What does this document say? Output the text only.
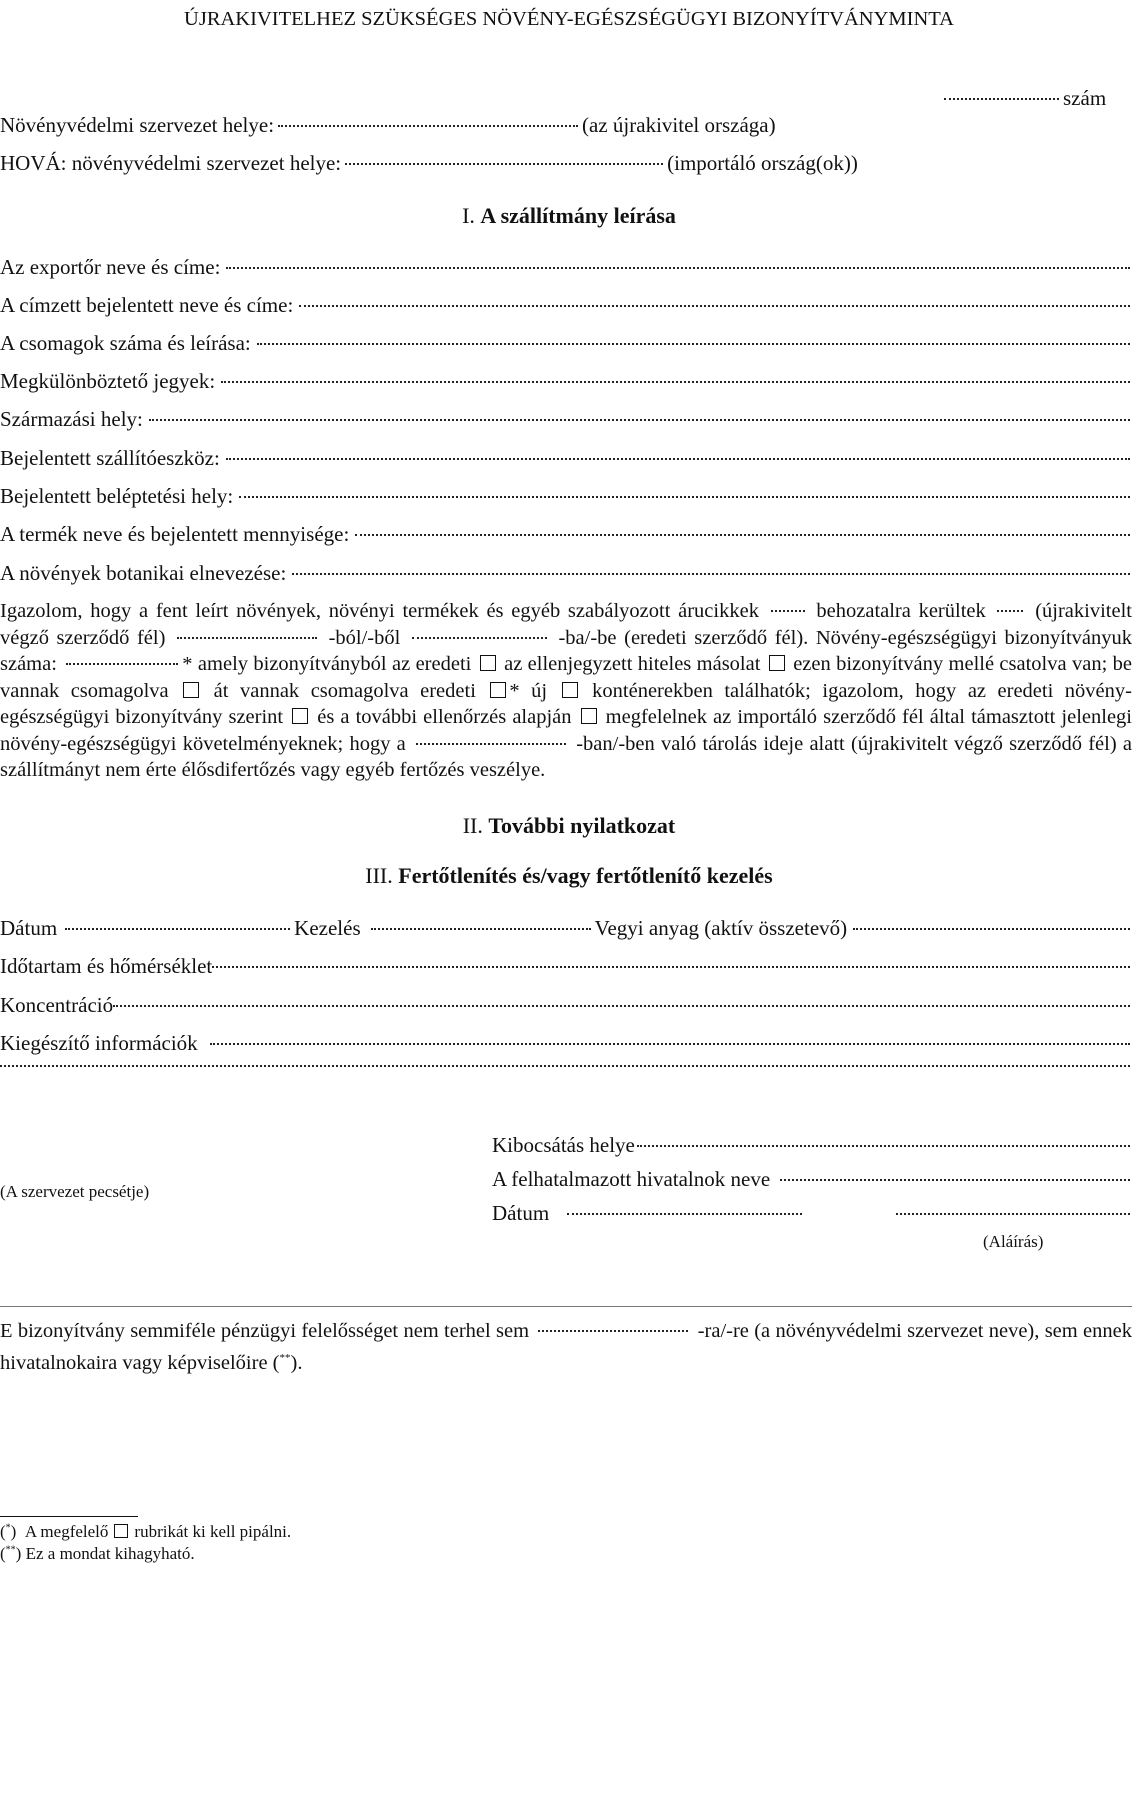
ÚJRAKIVITELHEZ SZÜKSÉGES NÖVÉNY-EGÉSZSÉGÜGYI BIZONYÍTVÁNYMINTA
szám
Növényvédelmi szervezet helye:	(az újrakivitel országa)
HOVÁ: növényvédelmi szervezet helye:	(importáló ország(ok))
I. A szállítmány leírása
Az exportőr neve és címe:
A címzett bejelentett neve és címe:
A csomagok száma és leírása:
Megkülönböztető jegyek:
Származási hely:
Bejelentett szállítóeszköz:
Bejelentett beléptetési hely:
A termék neve és bejelentett mennyisége:
A növények botanikai elnevezése:
Igazolom, hogy a fent leírt növények, növényi termékek és egyéb szabályozott árucikkek  behozatalra kerültek  (újrakivitelt végző szerződő fél)	-ból/-ből	-ba/-be (eredeti szerződő fél). Növény-egészségügyi bizonyítványuk száma:	* amely bizonyítványból az eredeti  az ellenjegyzett hiteles másolat  ezen bizonyítvány mellé csatolva van; be vannak csomagolva  át vannak csomagolva eredeti * új  konténerekben találhatók; igazolom, hogy az eredeti növény-egészségügyi bizonyítvány szerint  és a további ellenőrzés alapján  megfelelnek az importáló szerződő fél által támasztott jelenlegi növény-egészségügyi követelményeknek; hogy a	-ban/-ben való tárolás ideje alatt (újrakivitelt végző szerződő fél) a szállítmányt nem érte élősdifertőzés vagy egyéb fertőzés veszélye.
II. További nyilatkozat
III. Fertőtlenítés és/vagy fertőtlenítő kezelés
Dátum	Kezelés	Vegyi anyag (aktív összetevő)
Időtartam és hőmérséklet
Koncentráció
Kiegészítő információk
Kibocsátás helye
(A szervezet pecsétje)
A felhatalmazott hivatalnok neve
Dátum
(Aláírás)
E bizonyítvány semmiféle pénzügyi felelősséget nem terhel sem	-ra/-re (a növényvédelmi szervezet neve), sem ennek hivatalnokaira vagy képviselőire (**).
(*)  A megfelelő rubrikát ki kell pipálni.
(**) Ez a mondat kihagyható.
